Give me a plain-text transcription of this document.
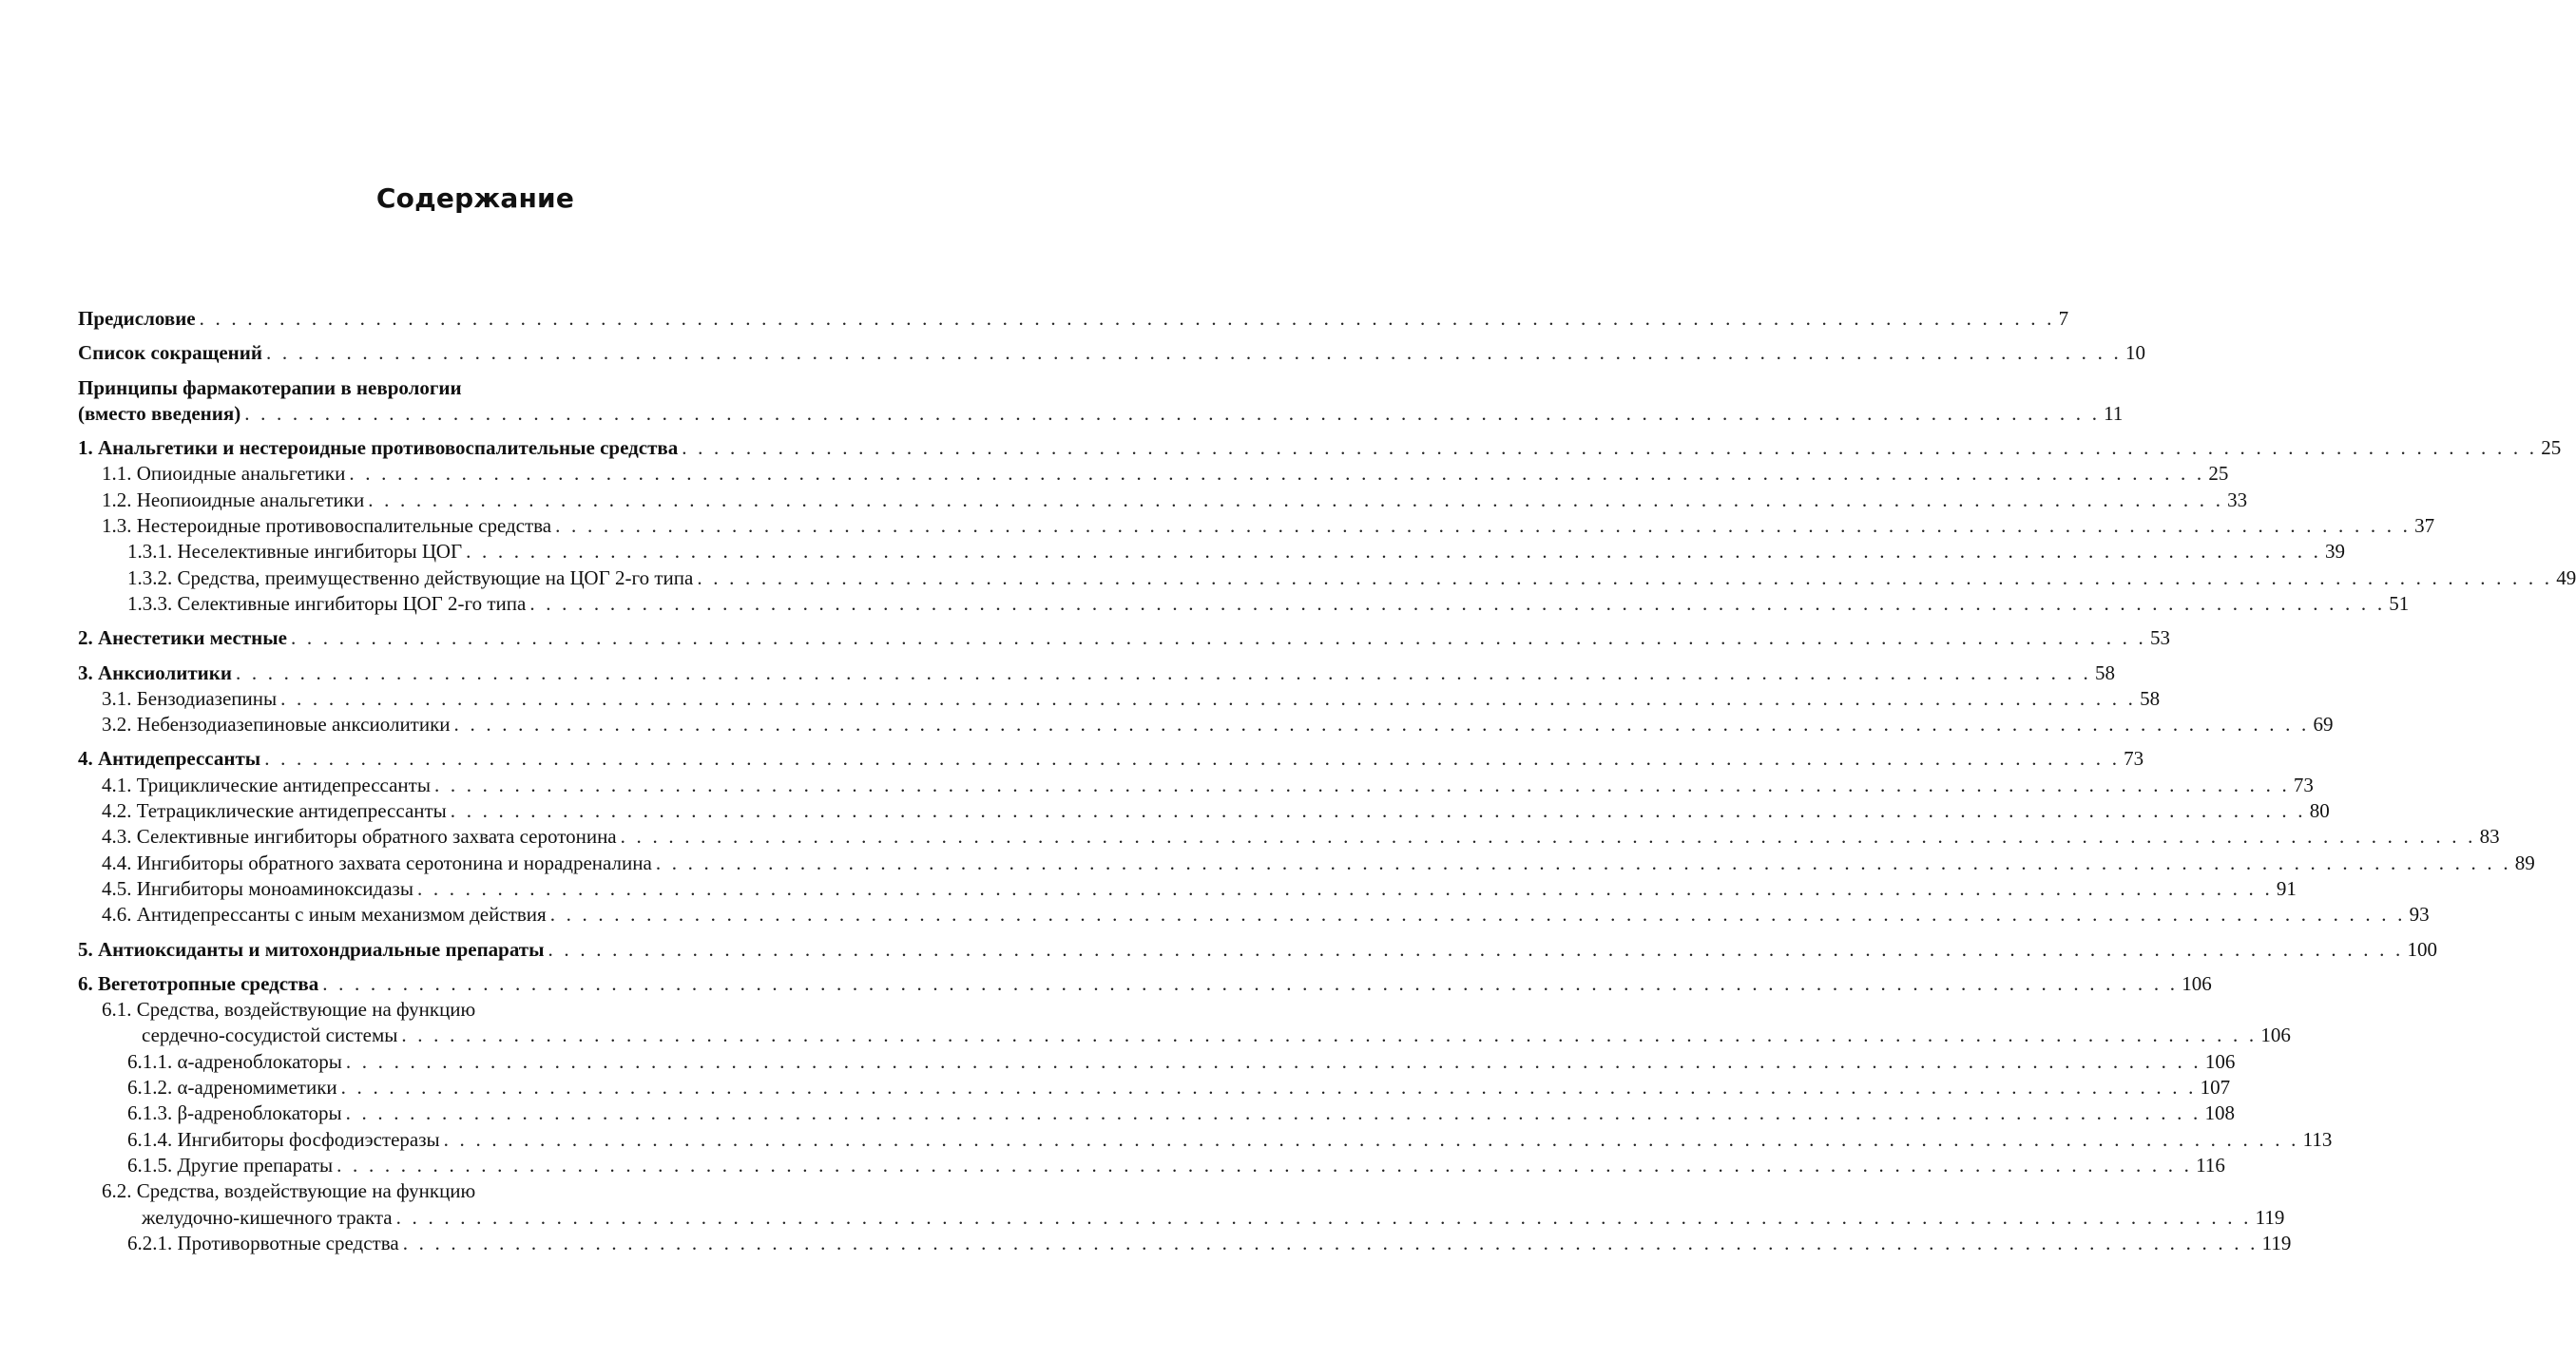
Содержание
Предисловие . . .	7
Список сокращений . . .	10
Принципы фармакотерапии в неврологии
(вместо введения) . . .	11
1. Анальгетики и нестероидные противовоспалительные средства . . .	25
1.1. Опиоидные анальгетики . . .	25
1.2. Неопиоидные анальгетики . . .	33
1.3. Нестероидные противовоспалительные средства . . .	37
1.3.1. Неселективные ингибиторы ЦОГ . . .	39
1.3.2. Средства, преимущественно действующие на ЦОГ 2-го типа . . .	49
1.3.3. Селективные ингибиторы ЦОГ 2-го типа . . .	51
2. Анестетики местные . . .	53
3. Анксиолитики . . .	58
3.1. Бензодиазепины . . .	58
3.2. Небензодиазепиновые анксиолитики . . .	69
4. Антидепрессанты . . .	73
4.1. Трициклические антидепрессанты . . .	73
4.2. Тетрациклические антидепрессанты . . .	80
4.3. Селективные ингибиторы обратного захвата серотонина . . .	83
4.4. Ингибиторы обратного захвата серотонина и норадреналина . . .	89
4.5. Ингибиторы моноаминоксидазы . . .	91
4.6. Антидепрессанты с иным механизмом действия . . .	93
5. Антиоксиданты и митохондриальные препараты . . .	100
6. Вегетотропные средства . . .	106
6.1. Средства, воздействующие на функцию
сердечно-сосудистой системы . . .	106
6.1.1. α-адреноблокаторы . . .	106
6.1.2. α-адреномиметики . . .	107
6.1.3. β-адреноблокаторы . . .	108
6.1.4. Ингибиторы фосфодиэстеразы . . .	113
6.1.5. Другие препараты . . .	116
6.2. Средства, воздействующие на функцию
желудочно-кишечного тракта . . .	119
6.2.1. Противорвотные средства . . .	119
